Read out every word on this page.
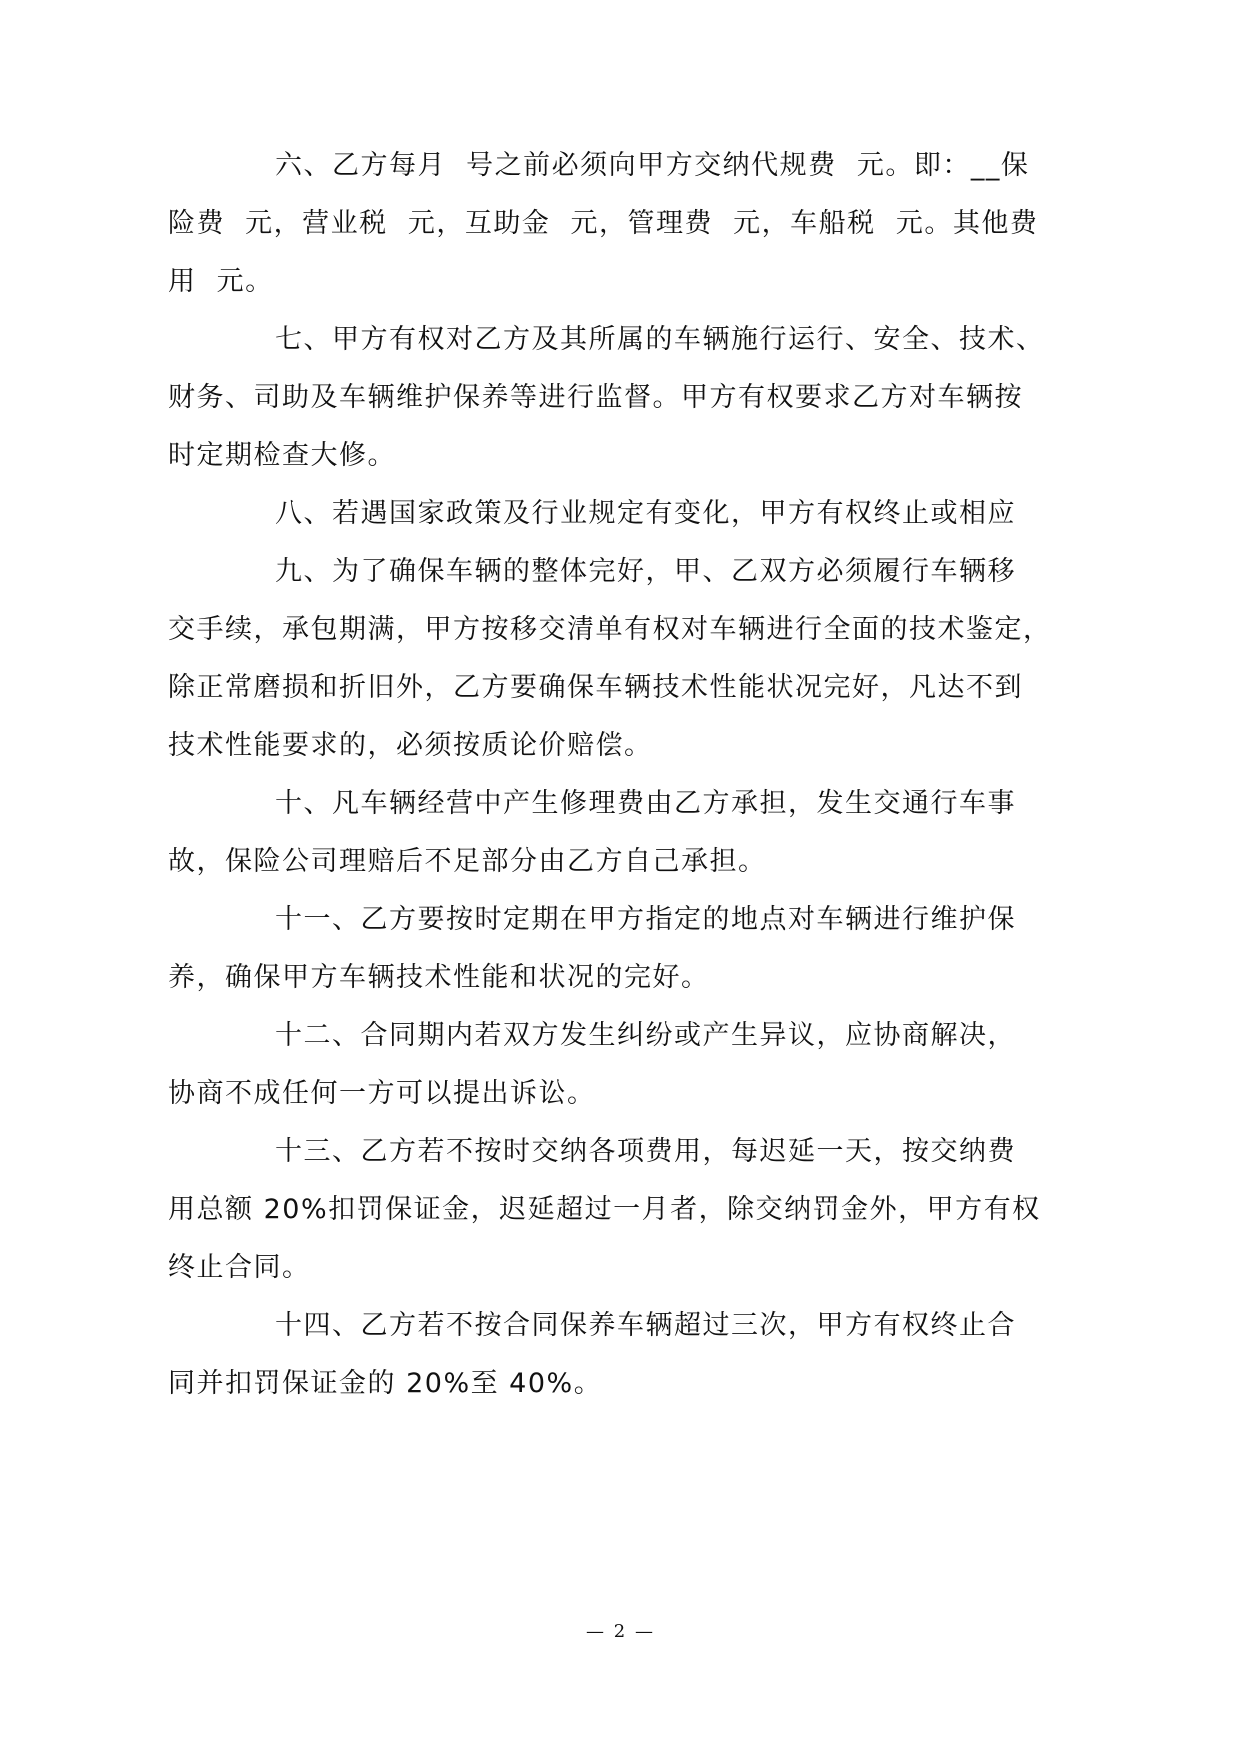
六、乙方每月  号之前必须向甲方交纳代规费  元。即：__保

险费  元，营业税  元，互助金  元，管理费  元，车船税  元。其他费

用  元。

七、甲方有权对乙方及其所属的车辆施行运行、安全、技术、

财务、司助及车辆维护保养等进行监督。甲方有权要求乙方对车辆按

时定期检查大修。

八、若遇国家政策及行业规定有变化，甲方有权终止或相应

九、为了确保车辆的整体完好，甲、乙双方必须履行车辆移

交手续，承包期满，甲方按移交清单有权对车辆进行全面的技术鉴定，

除正常磨损和折旧外，乙方要确保车辆技术性能状况完好，凡达不到

技术性能要求的，必须按质论价赔偿。

十、凡车辆经营中产生修理费由乙方承担，发生交通行车事

故，保险公司理赔后不足部分由乙方自己承担。

十一、乙方要按时定期在甲方指定的地点对车辆进行维护保

养，确保甲方车辆技术性能和状况的完好。

十二、合同期内若双方发生纠纷或产生异议，应协商解决，

协商不成任何一方可以提出诉讼。

十三、乙方若不按时交纳各项费用，每迟延一天，按交纳费

用总额 20%扣罚保证金，迟延超过一月者，除交纳罚金外，甲方有权

终止合同。

十四、乙方若不按合同保养车辆超过三次，甲方有权终止合

同并扣罚保证金的 20%至 40%。

— 2 —
